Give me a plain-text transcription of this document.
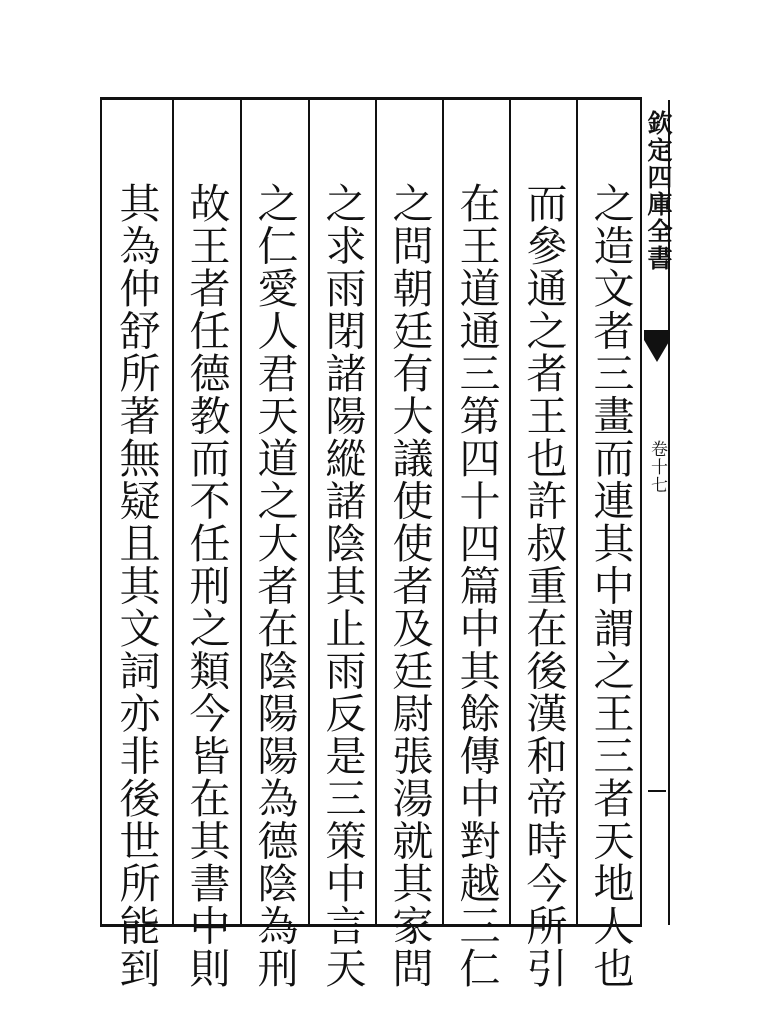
之造文者三畫而連其中謂之王三者天地人也
而參通之者王也許叔重在後漢和帝時今所引
在王道通三第四十四篇中其餘傳中對越三仁
之問朝廷有大議使使者及廷尉張湯就其家問
之求雨閉諸陽縱諸陰其止雨反是三策中言天
之仁愛人君天道之大者在陰陽陽為德陰為刑
故王者任德教而不任刑之類今皆在其書中則
其為仲舒所著無疑且其文詞亦非後世所能到	欽定四庫全書
卷十七
